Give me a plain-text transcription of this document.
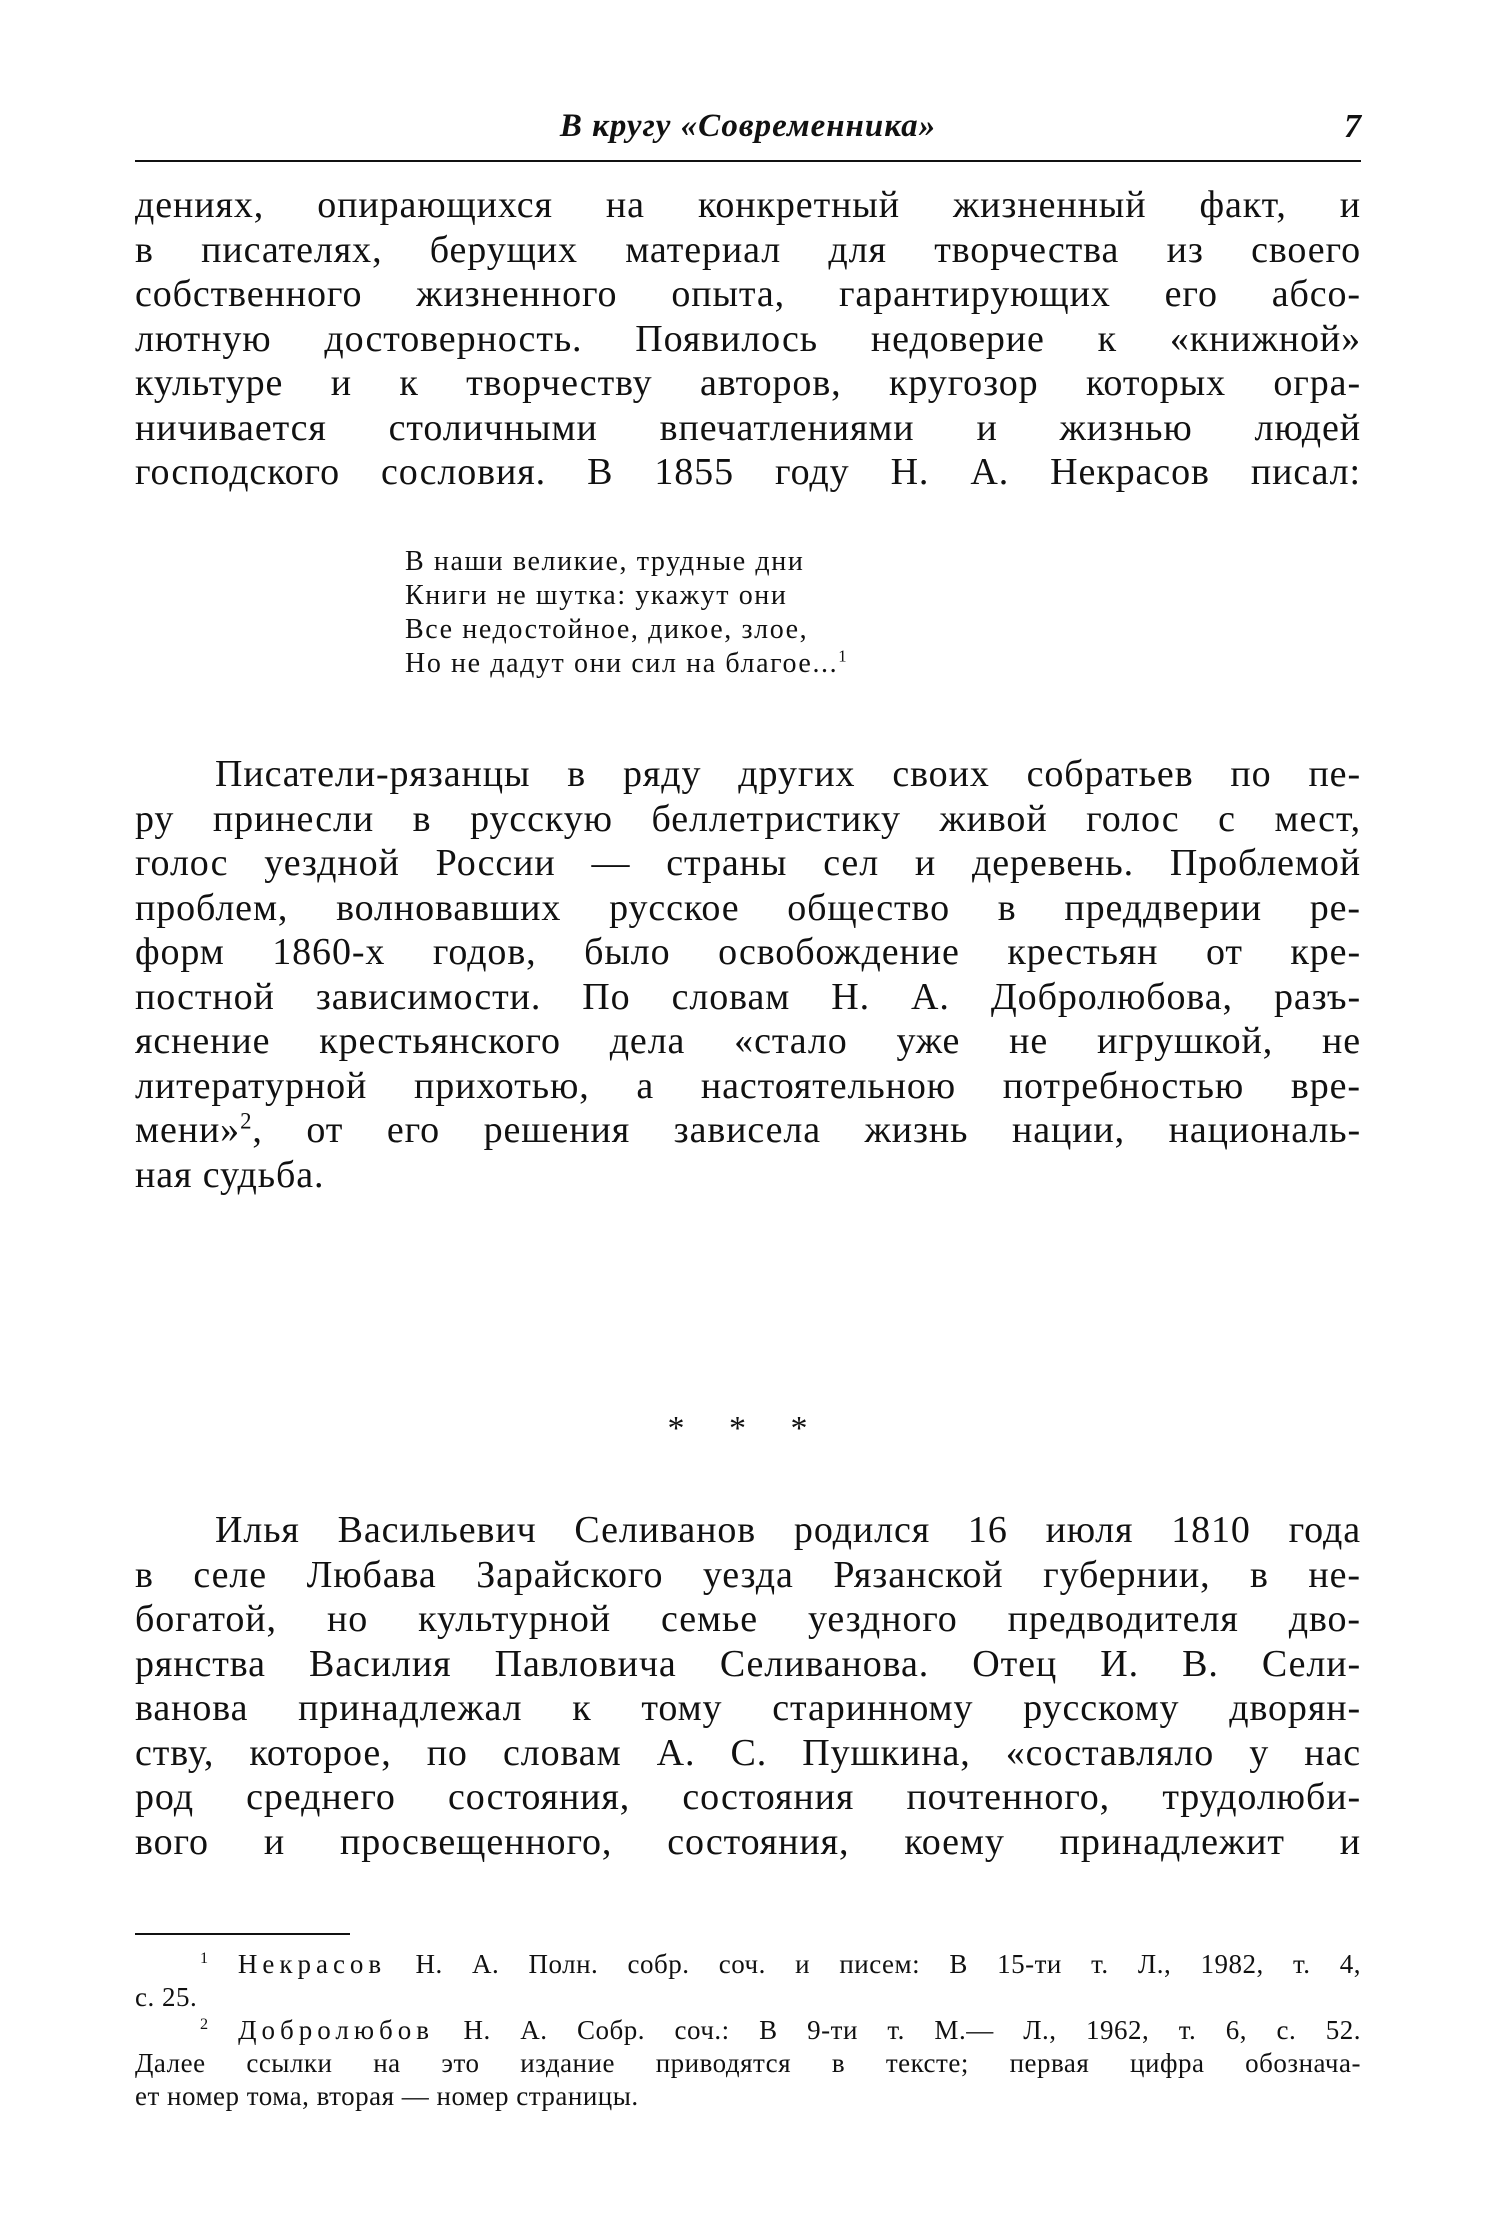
В кругу «Современника»	7
дениях, опирающихся на конкретный жизненный факт, и
в писателях, берущих материал для творчества из своего
собственного жизненного опыта, гарантирующих его абсо-
лютную достоверность. Появилось недоверие к «книжной»
культуре и к творчеству авторов, кругозор которых огра-
ничивается столичными впечатлениями и жизнью людей
господского сословия. В 1855 году Н. А. Некрасов писал:
В наши великие, трудные дни
Книги не шутка: укажут они
Все недостойное, дикое, злое,
Но не дадут они сил на благое...$^1$
Писатели-рязанцы в ряду других своих собратьев по пе-
ру принесли в русскую беллетристику живой голос с мест,
голос уездной России — страны сел и деревень. Проблемой
проблем, волновавших русское общество в преддверии ре-
форм 1860-х годов, было освобождение крестьян от кре-
постной зависимости. По словам Н. А. Добролюбова, разъ-
яснение крестьянского дела «стало уже не игрушкой, не
литературной прихотью, а настоятельною потребностью вре-
мени»$^2$, от его решения зависела жизнь нации, националь-
ная судьба.
* * *
Илья Васильевич Селиванов родился 16 июля 1810 года
в селе Любава Зарайского уезда Рязанской губернии, в не-
богатой, но культурной семье уездного предводителя дво-
рянства Василия Павловича Селиванова. Отец И. В. Сели-
ванова принадлежал к тому старинному русскому дворян-
ству, которое, по словам А. С. Пушкина, «составляло у нас
род среднего состояния, состояния почтенного, трудолюби-
вого и просвещенного, состояния, коему принадлежит и
$^1$ Некрасов Н. А. Полн. собр. соч. и писем: В 15-ти т. Л., 1982, т. 4,
с. 25.
$^2$ Добролюбов Н. А. Собр. соч.: В 9-ти т. М.— Л., 1962, т. 6, с. 52.
Далее ссылки на это издание приводятся в тексте; первая цифра обознача-
ет номер тома, вторая — номер страницы.
